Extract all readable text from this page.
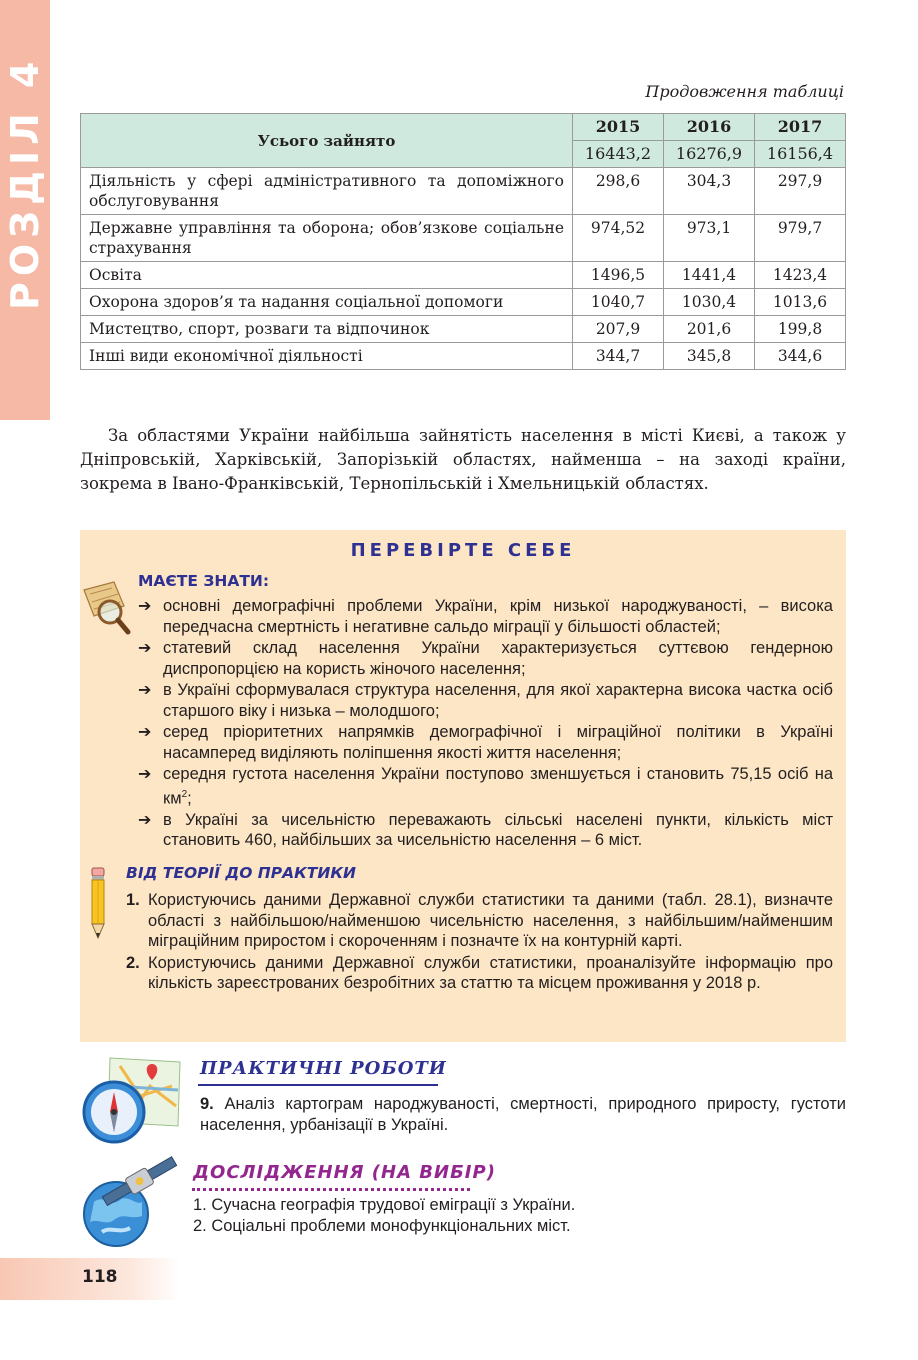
РОЗДІЛ 4	Продовження таблиці
Усього зайнято	2015	2016	2017
	16443,2	16276,9	16156,4
Діяльність у сфері адміністративного та допоміжного обслуговування	298,6	304,3	297,9
Державне управління та оборона; обов’язкове соціальне страхування	974,52	973,1	979,7
Освіта	1496,5	1441,4	1423,4
Охорона здоров’я та надання соціальної допомоги	1040,7	1030,4	1013,6
Мистецтво, спорт, розваги та відпочинок	207,9	201,6	199,8
Інші види економічної діяльності	344,7	345,8	344,6

За областями України найбільша зайнятість населення в місті Києві, а також у Дніпровській, Харківській, Запорізькій областях, найменша – на заході країни, зокрема в Івано-Франківській, Тернопільській і Хмельницькій областях.

ПЕРЕВІРТЕ СЕБЕ
МАЄТЕ ЗНАТИ:
➔ основні демографічні проблеми України, крім низької народжуваності, – висока передчасна смертність і негативне сальдо міграції у більшості областей;
➔ статевий склад населення України характеризується суттєвою гендерною диспропорцією на користь жіночого населення;
➔ в Україні сформувалася структура населення, для якої характерна висока частка осіб старшого віку і низька – молодшого;
➔ серед пріоритетних напрямків демографічної і міграційної політики в Україні насамперед виділяють поліпшення якості життя населення;
➔ середня густота населення України поступово зменшується і становить 75,15 осіб на $км^2$;
➔ в Україні за чисельністю переважають сільські населені пункти, кількість міст становить 460, найбільших за чисельністю населення – 6 міст.
ВІД ТЕОРІЇ ДО ПРАКТИКИ
1. Користуючись даними Державної служби статистики та даними (табл. 28.1), визначте області з найбільшою/найменшою чисельністю населення, з найбільшим/найменшим міграційним приростом і скороченням і позначте їх на контурній карті.
2. Користуючись даними Державної служби статистики, проаналізуйте інформацію про кількість зареєстрованих безробітних за статтю та місцем проживання у 2018 р.
ПРАКТИЧНІ РОБОТИ

9. Аналіз картограм народжуваності, смертності, природного приросту, густоти населення, урбанізації в Україні.

ДОСЛІДЖЕННЯ (НА ВИБІР)
1. Сучасна географія трудової еміграції з України.
2. Соціальні проблеми монофункціональних міст.
118
